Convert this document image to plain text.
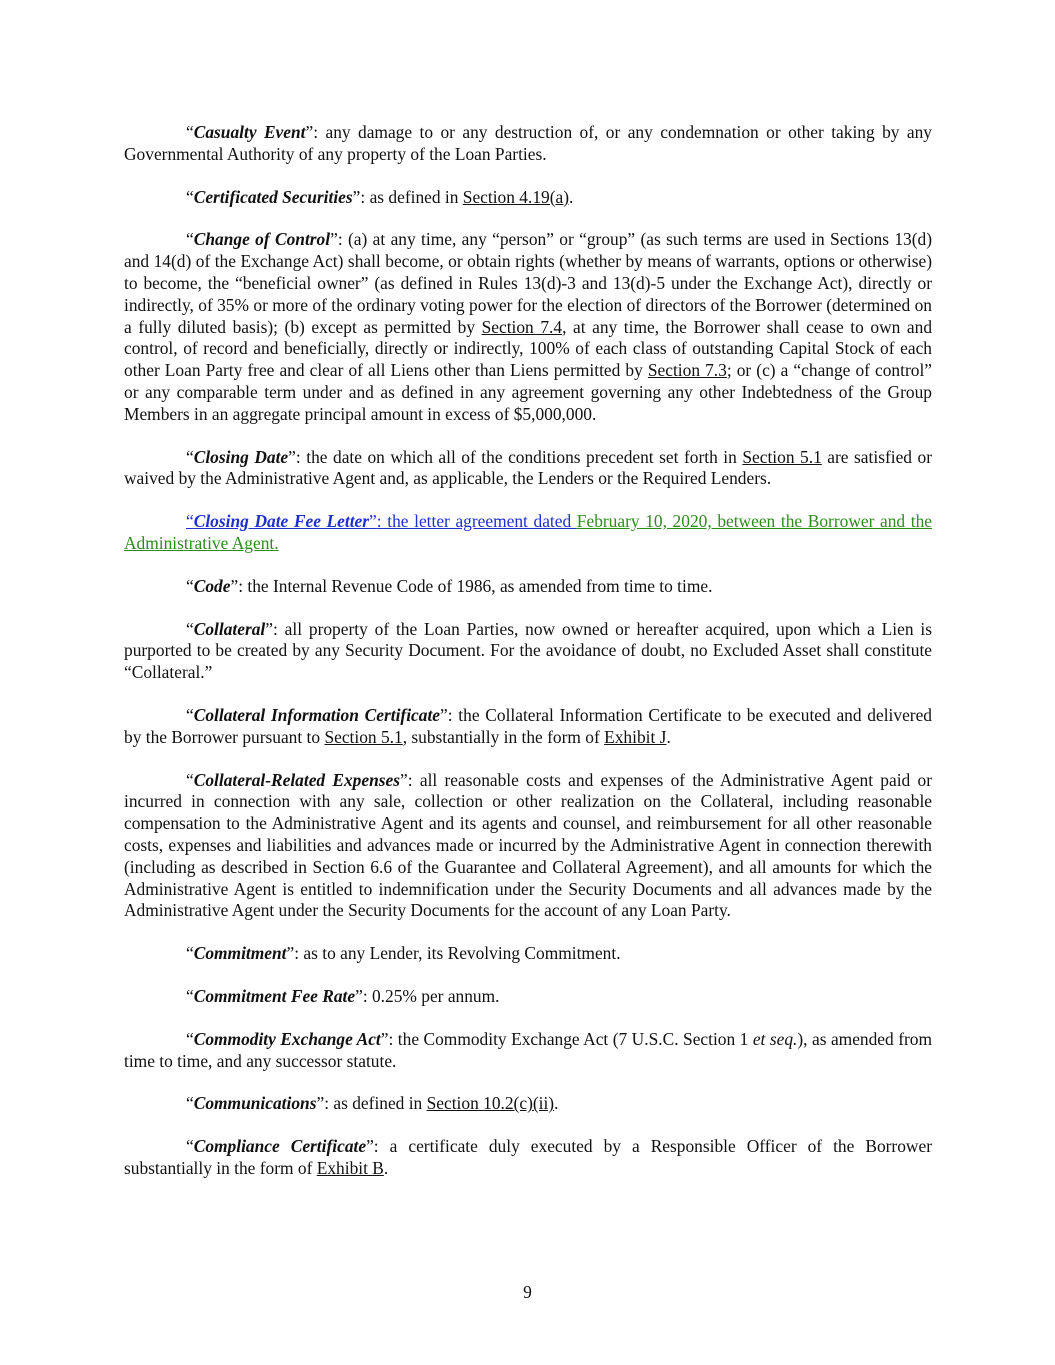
“Casualty Event”: any damage to or any destruction of, or any condemnation or other taking by any Governmental Authority of any property of the Loan Parties.

“Certificated Securities”: as defined in Section 4.19(a).

“Change of Control”: (a) at any time, any “person” or “group” (as such terms are used in Sections 13(d) and 14(d) of the Exchange Act) shall become, or obtain rights (whether by means of warrants, options or otherwise) to become, the “beneficial owner” (as defined in Rules 13(d)-3 and 13(d)-5 under the Exchange Act), directly or indirectly, of 35% or more of the ordinary voting power for the election of directors of the Borrower (determined on a fully diluted basis); (b) except as permitted by Section 7.4, at any time, the Borrower shall cease to own and control, of record and beneficially, directly or indirectly, 100% of each class of outstanding Capital Stock of each other Loan Party free and clear of all Liens other than Liens permitted by Section 7.3; or (c) a “change of control” or any comparable term under and as defined in any agreement governing any other Indebtedness of the Group Members in an aggregate principal amount in excess of $5,000,000.

“Closing Date”: the date on which all of the conditions precedent set forth in Section 5.1 are satisfied or waived by the Administrative Agent and, as applicable, the Lenders or the Required Lenders.

“Closing Date Fee Letter”: the letter agreement dated February 10, 2020, between the Borrower and the Administrative Agent.

“Code”: the Internal Revenue Code of 1986, as amended from time to time.

“Collateral”: all property of the Loan Parties, now owned or hereafter acquired, upon which a Lien is purported to be created by any Security Document. For the avoidance of doubt, no Excluded Asset shall constitute “Collateral.”

“Collateral Information Certificate”: the Collateral Information Certificate to be executed and delivered by the Borrower pursuant to Section 5.1, substantially in the form of Exhibit J.

“Collateral-Related Expenses”: all reasonable costs and expenses of the Administrative Agent paid or incurred in connection with any sale, collection or other realization on the Collateral, including reasonable compensation to the Administrative Agent and its agents and counsel, and reimbursement for all other reasonable costs, expenses and liabilities and advances made or incurred by the Administrative Agent in connection therewith (including as described in Section 6.6 of the Guarantee and Collateral Agreement), and all amounts for which the Administrative Agent is entitled to indemnification under the Security Documents and all advances made by the Administrative Agent under the Security Documents for the account of any Loan Party.

“Commitment”: as to any Lender, its Revolving Commitment.

“Commitment Fee Rate”: 0.25% per annum.

“Commodity Exchange Act”: the Commodity Exchange Act (7 U.S.C. Section 1 et seq.), as amended from time to time, and any successor statute.

“Communications”: as defined in Section 10.2(c)(ii).

“Compliance Certificate”: a certificate duly executed by a Responsible Officer of the Borrower substantially in the form of Exhibit B.

9
